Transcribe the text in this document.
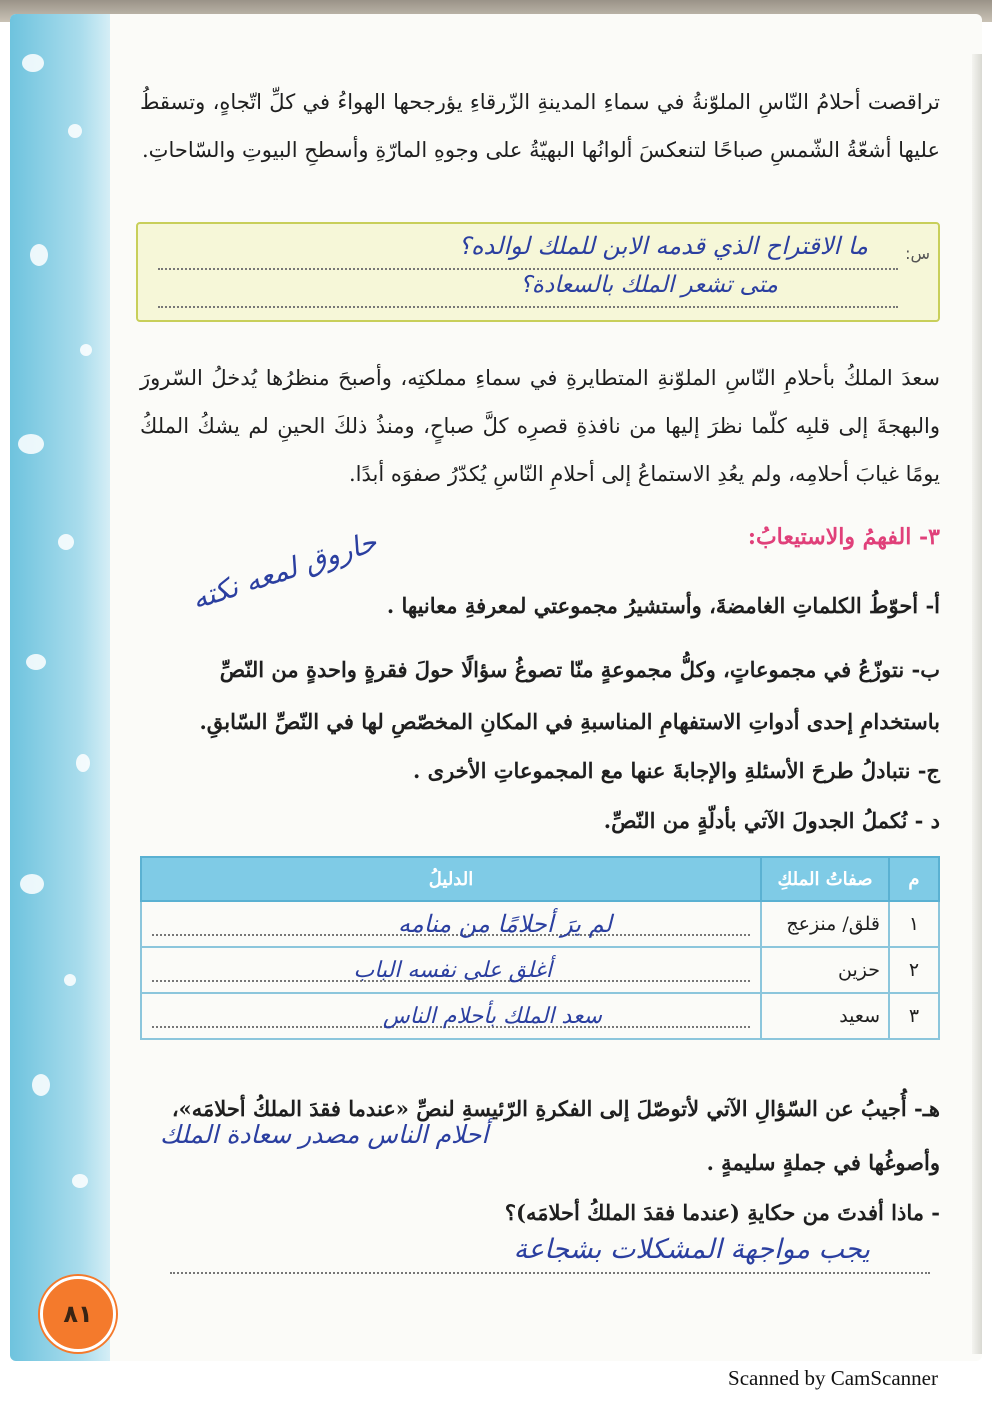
تراقصت أحلامُ النّاسِ الملوّنةُ في سماءِ المدينةِ الزّرقاءِ يؤرجحها الهواءُ في كلِّ اتّجاهٍ، وتسقطُ عليها أشعّةُ الشّمسِ صباحًا لتنعكسَ ألوانُها البهيّةُ على وجوهِ المارّةِ وأسطحِ البيوتِ والسّاحاتِ.
س:
ما الاقتراح الذي قدمه الابن للملك لوالده؟
متى تشعر الملك بالسعادة؟
سعدَ الملكُ بأحلامِ النّاسِ الملوّنةِ المتطايرةِ في سماءِ مملكتِه، وأصبحَ منظرُها يُدخلُ السّرورَ والبهجةَ إلى قلبِه كلّما نظرَ إليها من نافذةِ قصرِه كلَّ صباحٍ، ومنذُ ذلكَ الحينِ لم يشكُ الملكُ يومًا غيابَ أحلامِه، ولم يعُدِ الاستماعُ إلى أحلامِ النّاسِ يُكدّرُ صفوَه أبدًا.
٣- الفهمُ والاستيعابُ:
حاروق لمعه نكته أ- أحوّطُ الكلماتِ الغامضةَ، وأستشيرُ مجموعتي لمعرفةِ معانيها .
ب- نتوزّعُ في مجموعاتٍ، وكلُّ مجموعةٍ منّا تصوغُ سؤالًا حولَ فقرةٍ واحدةٍ من النّصِّ باستخدامِ إحدى أدواتِ الاستفهامِ المناسبةِ في المكانِ المخصّصِ لها في النّصِّ السّابقِ.
ج- نتبادلُ طرحَ الأسئلةِ والإجابةَ عنها مع المجموعاتِ الأخرى .
د - نُكملُ الجدولَ الآتي بأدلّةٍ من النّصِّ.
م	صفاتُ الملكِ	الدليلُ
١	قلق/ منزعج	لم يرَ أحلامًا من منامه
٢	حزين	أغلق على نفسه الباب
٣	سعيد	سعد الملك بأحلام الناس
هـ- أُجيبُ عن السّؤالِ الآتي لأتوصّلَ إلى الفكرةِ الرّئيسةِ لنصِّ «عندما فقدَ الملكُ أحلامَه»، وأصوغُها في جملةٍ سليمةٍ .
أحلام الناس مصدر سعادة الملك
- ماذا أفدتَ من حكايةِ (عندما فقدَ الملكُ أحلامَه)؟
يجب مواجهة المشكلات بشجاعة
٨١
Scanned by CamScanner
